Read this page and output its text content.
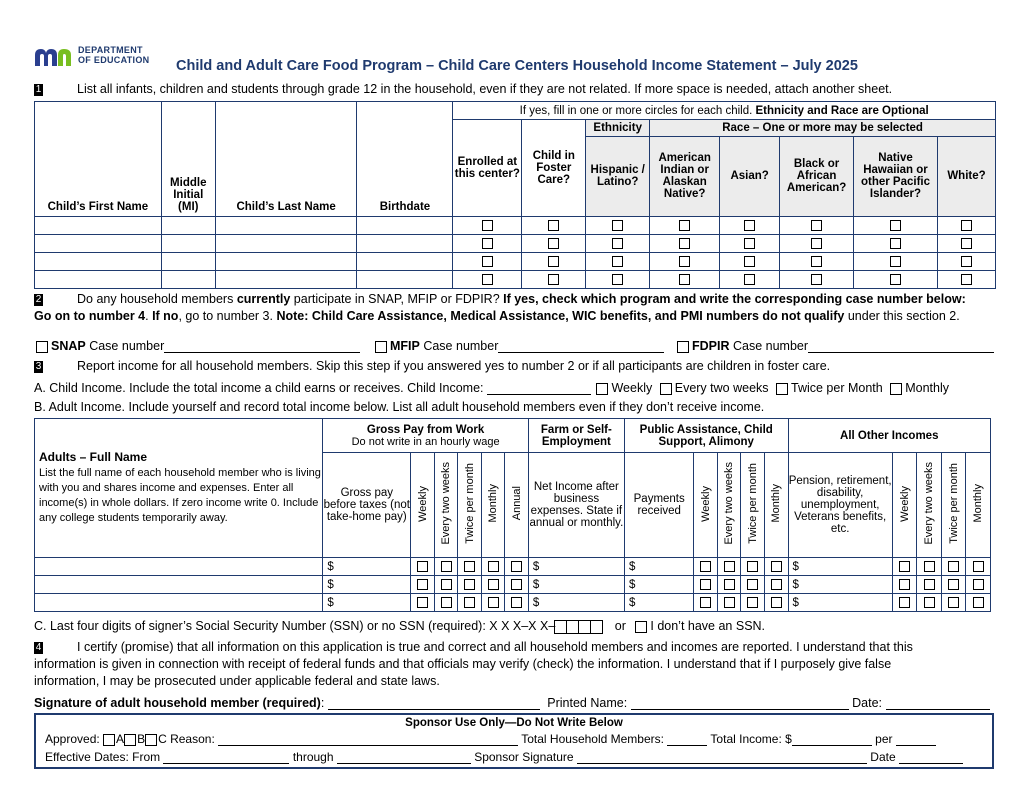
DEPARTMENT
OF EDUCATION Child and Adult Care Food Program – Child Care Centers Household Income Statement – July 2025
1	List all infants, children and students through grade 12 in the household, even if they are not related. If more space is needed, attach another sheet.
Child’s First Name	Middle Initial (MI)	Child’s Last Name	Birthdate	If yes, fill in one or more circles for each child. Ethnicity and Race are Optional							
				Enrolled at this center?	Child in Foster Care?	Ethnicity	Race – One or more may be selected				
						Hispanic / Latino?	American Indian or Alaskan Native?	Asian?	Black or African American?	Native Hawaiian or other Pacific Islander?	White?

2	Do any household members currently participate in SNAP, MFIP or FDPIR? If yes, check which program and write the corresponding case number below:
Go on to number 4. If no, go to number 3. Note: Child Care Assistance, Medical Assistance, WIC benefits, and PMI numbers do not qualify under this section 2.
SNAP Case number	MFIP Case number	FDPIR Case number
3	Report income for all household members. Skip this step if you answered yes to number 2 or if all participants are children in foster care.
A. Child Income. Include the total income a child earns or receives. Child Income:	Weekly Every two weeks Twice per Month Monthly
B. Adult Income. Include yourself and record total income below. List all adult household members even if they don’t receive income.
Adults – Full Name
List the full name of each household member who is living with you and shares income and expenses. Enter all income(s) in whole dollars. If zero income write 0. Include any college students temporarily away.	Gross Pay from Work
Do not write in an hourly wage						Farm or Self-Employment	Public Assistance, Child Support, Alimony					All Other Incomes				
	Gross pay before taxes (not take-home pay)	Weekly	Every two weeks	Twice per month	Monthly	Annual	Net Income after business expenses. State if annual or monthly.	Payments received	Weekly	Every two weeks	Twice per month	Monthly	Pension, retirement, disability, unemployment, Veterans benefits, etc.	Weekly	Every two weeks	Twice per month	Monthly
	$						$	$					$				
	$						$	$					$				
	$						$	$					$				
C. Last four digits of signer’s Social Security Number (SSN) or no SSN (required): X X X–X X–	or I don’t have an SSN.
4	I certify (promise) that all information on this application is true and correct and all household members and incomes are reported. I understand that this
information is given in connection with receipt of federal funds and that officials may verify (check) the information. I understand that if I purposely give false
information, I may be prosecuted under applicable federal and state laws.
Signature of adult household member (required):	Printed Name:	Date:
Sponsor Use Only—Do Not Write Below
Approved: A B C Reason:	Total Household Members:	Total Income: $	per
Effective Dates: From	through	Sponsor Signature	Date
